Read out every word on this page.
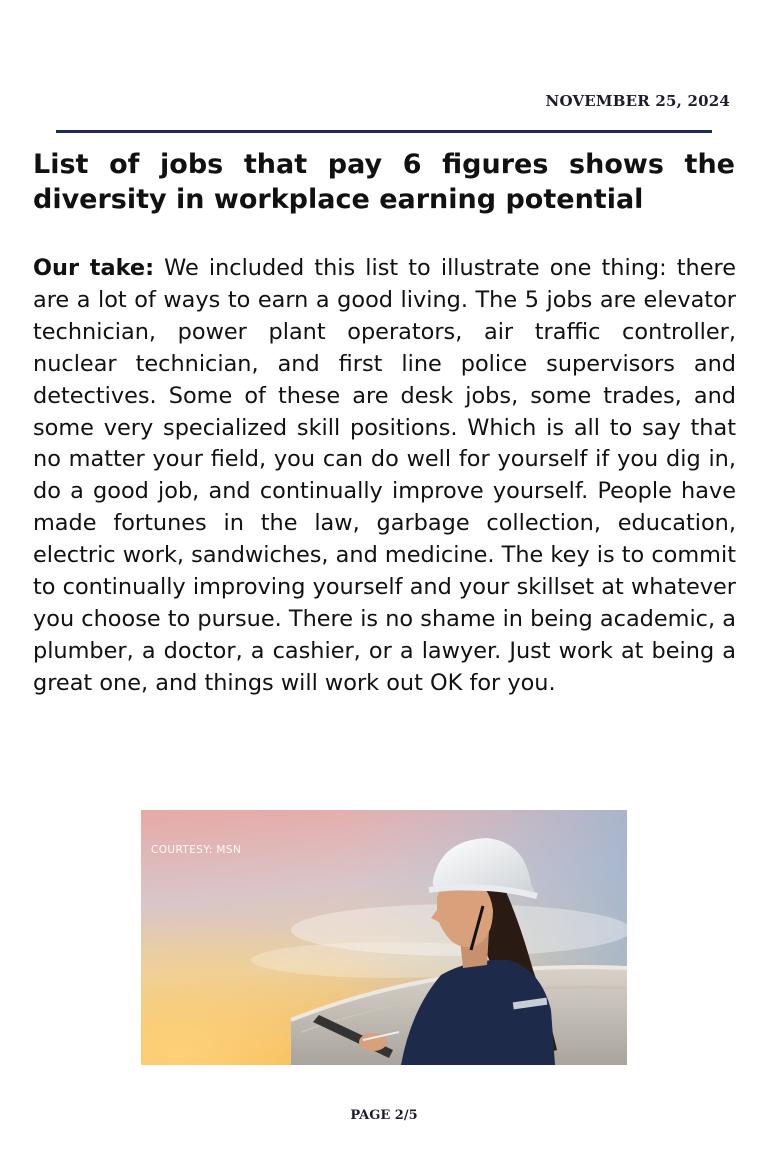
NOVEMBER 25, 2024
List of jobs that pay 6 figures shows the diversity in workplace earning potential

Our take: We included this list to illustrate one thing: there are a lot of ways to earn a good living. The 5 jobs are elevator technician, power plant operators, air traffic controller, nuclear technician, and first line police supervisors and detectives. Some of these are desk jobs, some trades, and some very specialized skill positions. Which is all to say that no matter your field, you can do well for yourself if you dig in, do a good job, and continually improve yourself. People have made fortunes in the law, garbage collection, education, electric work, sandwiches, and medicine. The key is to commit to continually improving yourself and your skillset at whatever you choose to pursue. There is no shame in being academic, a plumber, a doctor, a cashier, or a lawyer. Just work at being a great one, and things will work out OK for you.

COURTESY: MSN
PAGE 2/5
